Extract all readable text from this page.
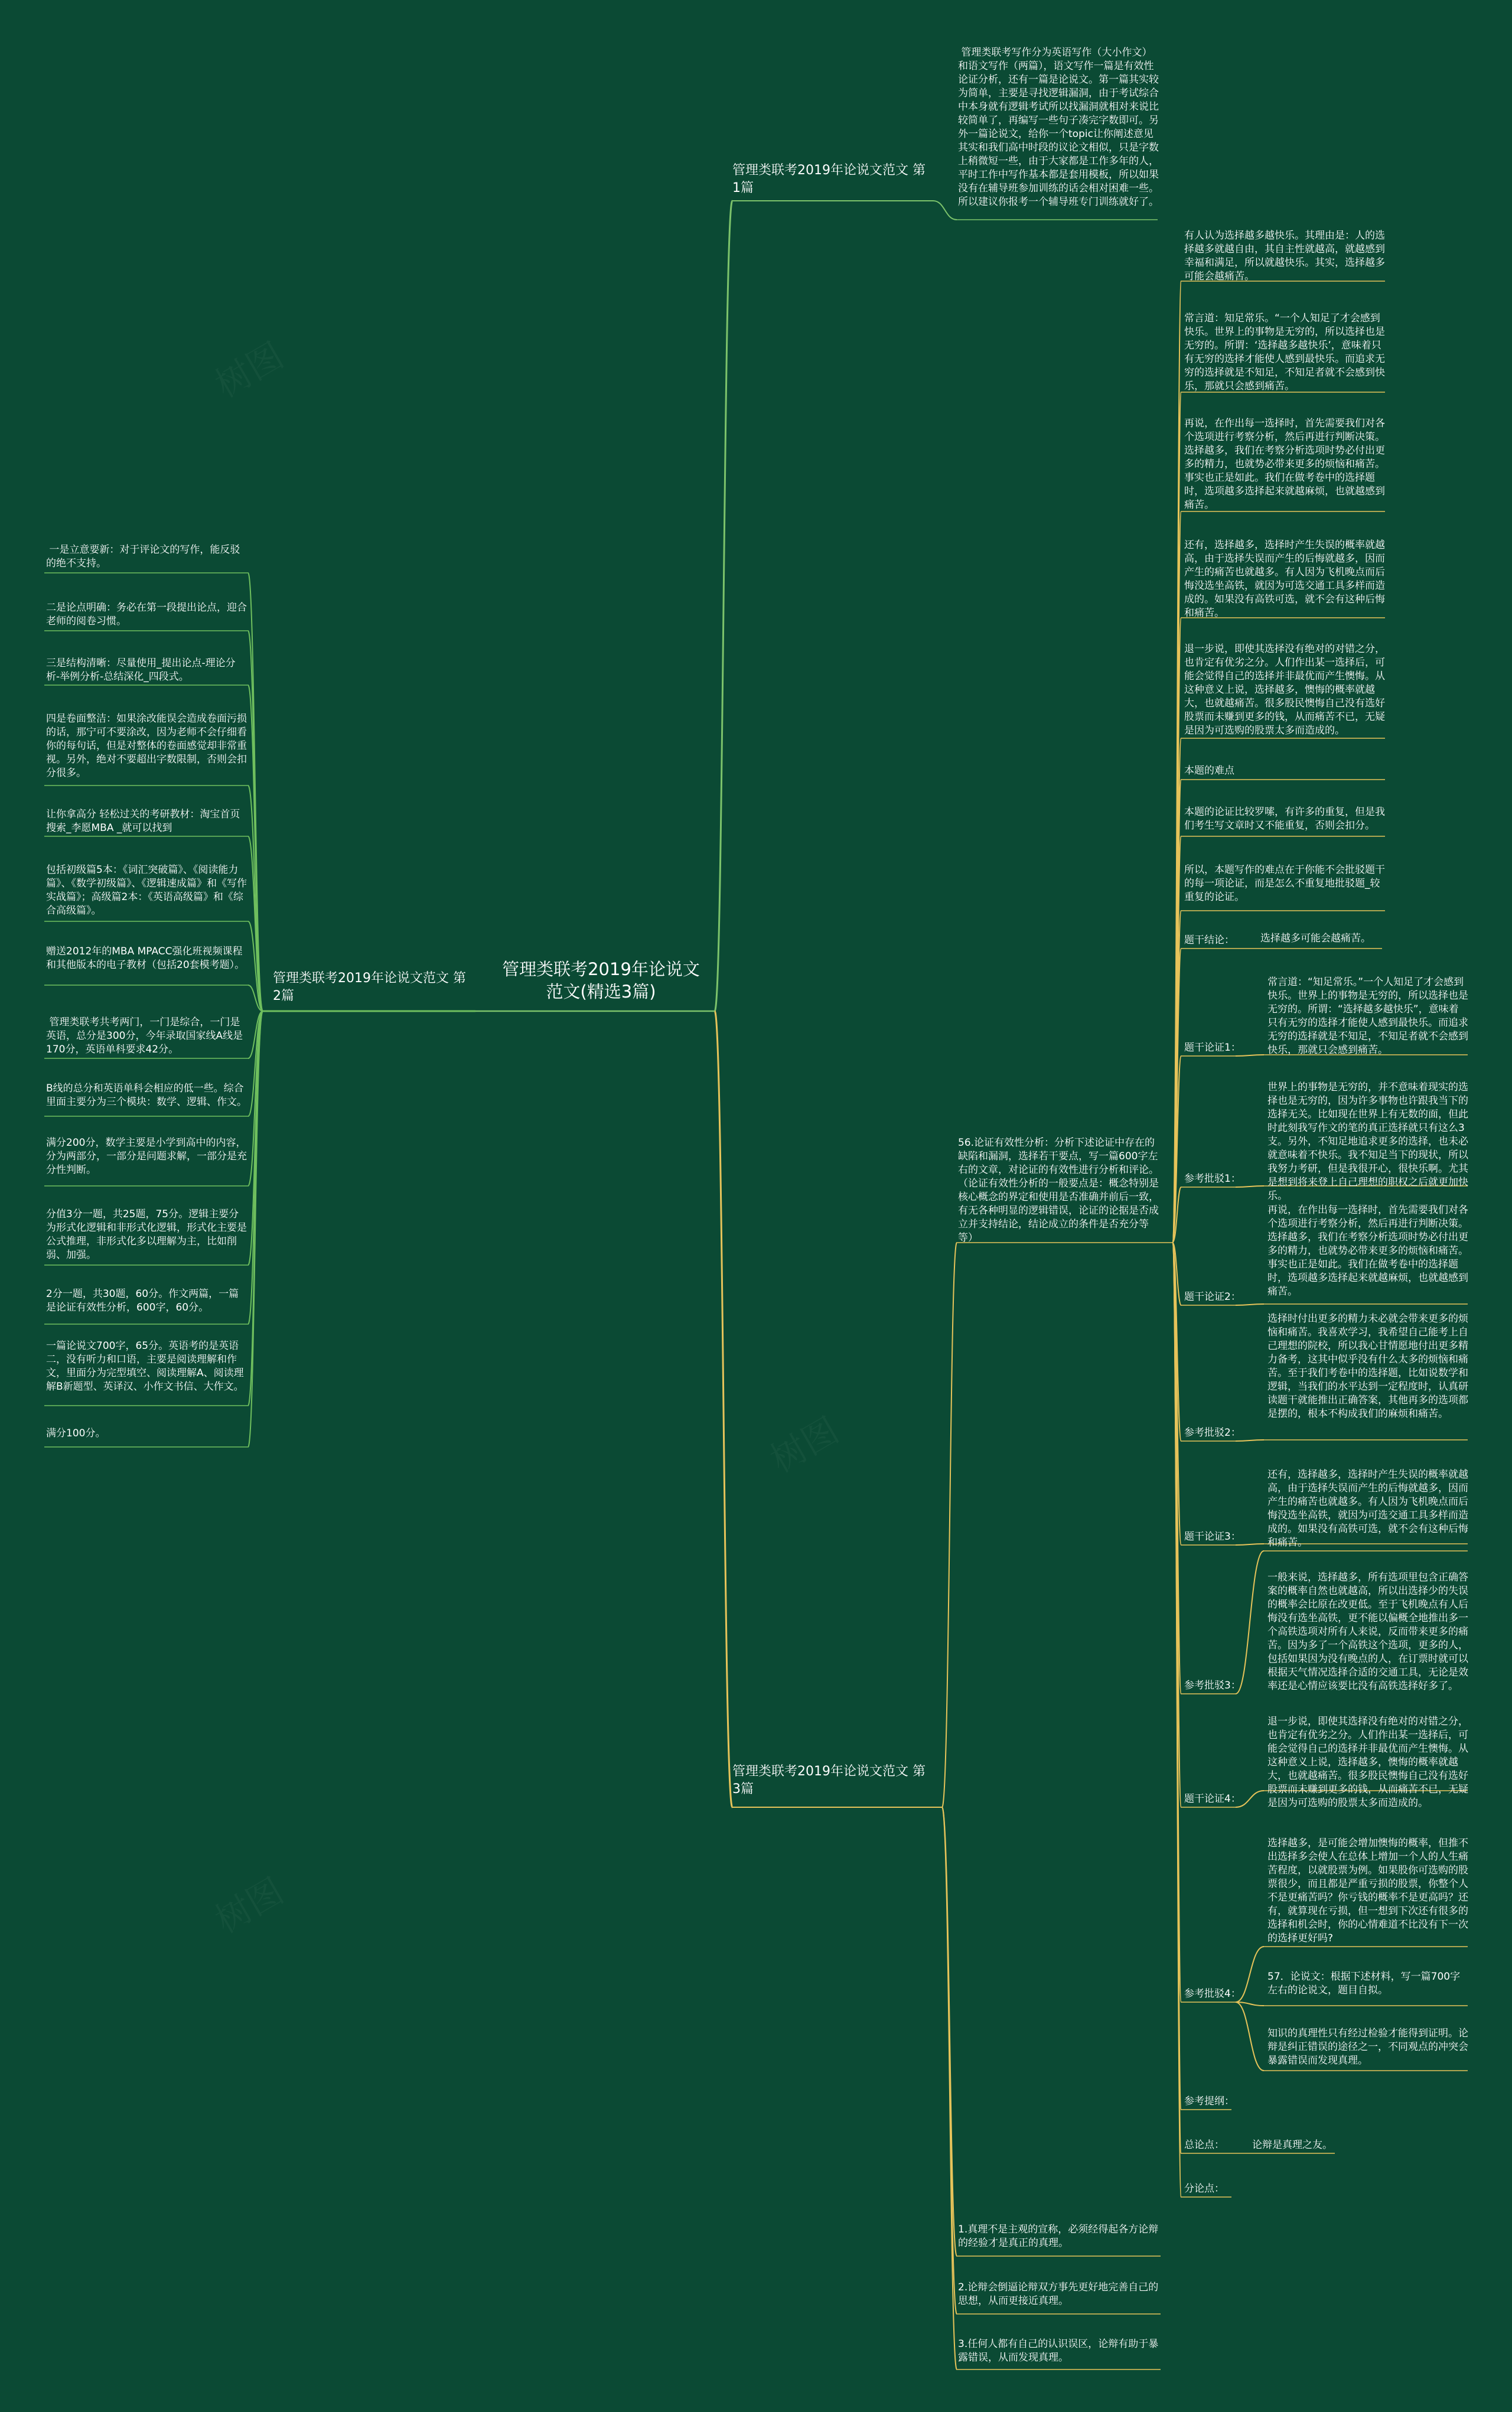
管理类联考2019年论说文范文(精选3篇)
管理类联考2019年论说文范文 第1篇
管理类联考写作分为英语写作（大小作文）和语文写作（两篇），语文写作一篇是有效性论证分析，还有一篇是论说文。第一篇其实较为简单，主要是寻找逻辑漏洞，由于考试综合中本身就有逻辑考试所以找漏洞就相对来说比较简单了，再编写一些句子凑完字数即可。另外一篇论说文，给你一个topic让你阐述意见其实和我们高中时段的议论文相似，只是字数上稍微短一些，由于大家都是工作多年的人，平时工作中写作基本都是套用模板，所以如果没有在辅导班参加训练的话会相对困难一些。所以建议你报考一个辅导班专门训练就好了。
管理类联考2019年论说文范文 第2篇
一是立意要新：对于评论文的写作，能反驳的绝不支持。
二是论点明确：务必在第一段提出论点，迎合老师的阅卷习惯。
三是结构清晰：尽量使用_提出论点-理论分析-举例分析-总结深化_四段式。
四是卷面整洁：如果涂改能误会造成卷面污损的话，那宁可不要涂改，因为老师不会仔细看你的每句话，但是对整体的卷面感觉却非常重视。另外，绝对不要超出字数限制，否则会扣分很多。
让你拿高分 轻松过关的考研教材：淘宝首页搜索_李愿MBA _就可以找到
包括初级篇5本：《词汇突破篇》、《阅读能力篇》、《数学初级篇》、《逻辑速成篇》和《写作实战篇》；高级篇2本：《英语高级篇》和《综合高级篇》。
赠送2012年的MBA MPACC强化班视频课程和其他版本的电子教材（包括20套模考题）。
管理类联考共考两门，一门是综合，一门是英语，总分是300分，今年录取国家线A线是170分，英语单科要求42分。
B线的总分和英语单科会相应的低一些。综合里面主要分为三个模块：数学、逻辑、作文。
满分200分，数学主要是小学到高中的内容，分为两部分，一部分是问题求解，一部分是充分性判断。
分值3分一题，共25题，75分。逻辑主要分为形式化逻辑和非形式化逻辑，形式化主要是公式推理，非形式化多以理解为主，比如削弱、加强。
2分一题，共30题，60分。作文两篇，一篇是论证有效性分析，600字，60分。
一篇论说文700字，65分。英语考的是英语二，没有听力和口语，主要是阅读理解和作文，里面分为完型填空、阅读理解A、阅读理解B新题型、英译汉、小作文书信、大作文。
满分100分。
管理类联考2019年论说文范文 第3篇
56.论证有效性分析：分析下述论证中存在的缺陷和漏洞，选择若干要点，写一篇600字左右的文章，对论证的有效性进行分析和评论。（论证有效性分析的一般要点是：概念特别是核心概念的界定和使用是否准确并前后一致，有无各种明显的逻辑错误，论证的论据是否成立并支持结论，结论成立的条件是否充分等等）
有人认为选择越多越快乐。其理由是：人的选择越多就越自由，其自主性就越高，就越感到幸福和满足，所以就越快乐。其实，选择越多可能会越痛苦。
常言道：知足常乐。“一个人知足了才会感到快乐。世界上的事物是无穷的，所以选择也是无穷的。所谓：‘选择越多越快乐’，意味着只有无穷的选择才能使人感到最快乐。而追求无穷的选择就是不知足，不知足者就不会感到快乐，那就只会感到痛苦。
再说，在作出每一选择时，首先需要我们对各个选项进行考察分析，然后再进行判断决策。选择越多，我们在考察分析选项时势必付出更多的精力，也就势必带来更多的烦恼和痛苦。事实也正是如此。我们在做考卷中的选择题时，选项越多选择起来就越麻烦，也就越感到痛苦。
还有，选择越多，选择时产生失误的概率就越高，由于选择失误而产生的后悔就越多，因而产生的痛苦也就越多。有人因为飞机晚点而后悔没选坐高铁，就因为可选交通工具多样而造成的。如果没有高铁可选，就不会有这种后悔和痛苦。
退一步说，即使其选择没有绝对的对错之分，也肯定有优劣之分。人们作出某一选择后，可能会觉得自己的选择并非最优而产生懊悔。从这种意义上说，选择越多，懊悔的概率就越大，也就越痛苦。很多股民懊悔自己没有选好股票而未赚到更多的钱，从而痛苦不已，无疑是因为可选购的股票太多而造成的。
本题的难点
本题的论证比较罗嗦，有许多的重复，但是我们考生写文章时又不能重复，否则会扣分。
所以，本题写作的难点在于你能不会批驳题干的每一项论证，而是怎么不重复地批驳题_较重复的论证。
题干结论：	选择越多可能会越痛苦。
题干论证1：
常言道：“知足常乐。”一个人知足了才会感到快乐。世界上的事物是无穷的，所以选择也是无穷的。所谓：“选择越多越快乐”，意味着只有无穷的选择才能使人感到最快乐。而追求无穷的选择就是不知足，不知足者就不会感到快乐，那就只会感到痛苦。
参考批驳1：
世界上的事物是无穷的，并不意味着现实的选择也是无穷的，因为许多事物也许跟我当下的选择无关。比如现在世界上有无数的面，但此时此刻我写作文的笔的真正选择就只有这么3支。另外，不知足地追求更多的选择，也未必就意味着不快乐。我不知足当下的现状，所以我努力考研，但是我很开心，很快乐啊。尤其是想到将来登上自己理想的职权之后就更加快乐。
题干论证2：
再说，在作出每一选择时，首先需要我们对各个选项进行考察分析，然后再进行判断决策。选择越多，我们在考察分析选项时势必付出更多的精力，也就势必带来更多的烦恼和痛苦。事实也正是如此。我们在做考卷中的选择题时，选项越多选择起来就越麻烦，也就越感到痛苦。
参考批驳2：
选择时付出更多的精力未必就会带来更多的烦恼和痛苦。我喜欢学习，我希望自己能考上自己理想的院校，所以我心甘情愿地付出更多精力备考，这其中似乎没有什么太多的烦恼和痛苦。至于我们考卷中的选择题，比如说数学和逻辑，当我们的水平达到一定程度时，认真研读题干就能推出正确答案，其他再多的选项都是摆的，根本不构成我们的麻烦和痛苦。
题干论证3：
还有，选择越多，选择时产生失误的概率就越高，由于选择失误而产生的后悔就越多，因而产生的痛苦也就越多。有人因为飞机晚点而后悔没选坐高铁，就因为可选交通工具多样而造成的。如果没有高铁可选，就不会有这种后悔和痛苦。
参考批驳3：
一般来说，选择越多，所有选项里包含正确答案的概率自然也就越高，所以出选择少的失误的概率会比原在改更低。至于飞机晚点有人后悔没有选坐高铁，更不能以偏概全地推出多一个高铁选项对所有人来说，反而带来更多的痛苦。因为多了一个高铁这个选项，更多的人，包括如果因为没有晚点的人，在订票时就可以根据天气情况选择合适的交通工具，无论是效率还是心情应该要比没有高铁选择好多了。
题干论证4：
退一步说，即使其选择没有绝对的对错之分，也肯定有优劣之分。人们作出某一选择后，可能会觉得自己的选择并非最优而产生懊悔。从这种意义上说，选择越多，懊悔的概率就越大，也就越痛苦。很多股民懊悔自己没有选好股票而未赚到更多的钱，从而痛苦不已，无疑是因为可选购的股票太多而造成的。
参考批驳4：
选择越多，是可能会增加懊悔的概率，但推不出选择多会使人在总体上增加一个人的人生痛苦程度，以就股票为例。如果股你可选购的股票很少，而且都是严重亏损的股票，你整个人不是更痛苦吗？你亏钱的概率不是更高吗？还有，就算现在亏损，但一想到下次还有很多的选择和机会时，你的心情难道不比没有下一次的选择更好吗?
57．论说文：根据下述材料，写一篇700字左右的论说文，题目自拟。
知识的真理性只有经过检验才能得到证明。论辩是纠正错误的途径之一，不同观点的冲突会暴露错误而发现真理。
参考提纲：
总论点：	论辩是真理之友。
分论点：
1.真理不是主观的宣称，必须经得起各方论辩的经验才是真正的真理。
2.论辩会倒逼论辩双方事先更好地完善自己的思想，从而更接近真理。
3.任何人都有自己的认识误区，论辩有助于暴露错误，从而发现真理。
